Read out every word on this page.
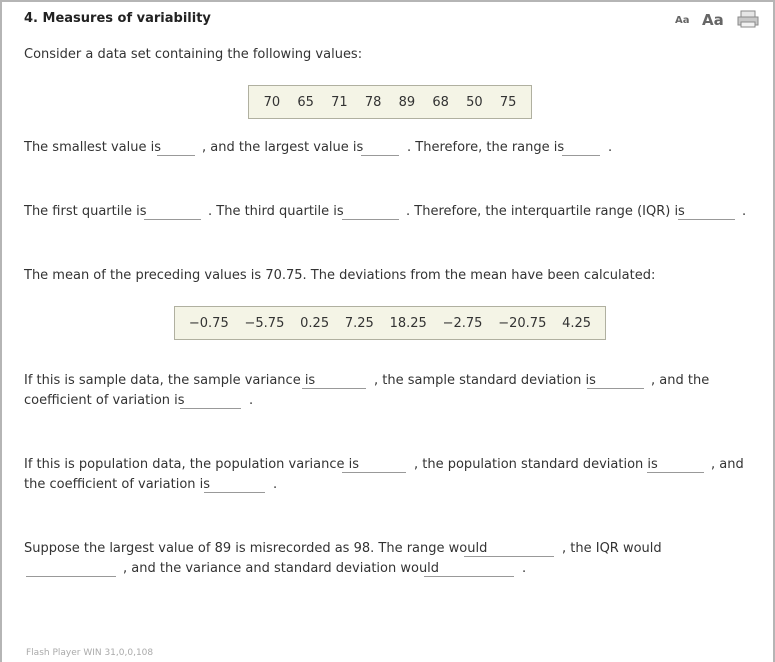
4. Measures of variability	Aa Aa
Consider a data set containing the following values:
70 65 71 78 89 68 50 75
The smallest value is	, and the largest value is	. Therefore, the range is	.
The first quartile is	. The third quartile is	. Therefore, the interquartile range (IQR) is	.
The mean of the preceding values is 70.75. The deviations from the mean have been calculated:
−0.75 −5.75 0.25 7.25 18.25 −2.75 −20.75 4.25
If this is sample data, the sample variance is	, the sample standard deviation is	, and the
coefficient of variation is	.
If this is population data, the population variance is	, the population standard deviation is	, and
the coefficient of variation is	.
Suppose the largest value of 89 is misrecorded as 98. The range would	, the IQR would
, and the variance and standard deviation would	.
Flash Player WIN 31,0,0,108
